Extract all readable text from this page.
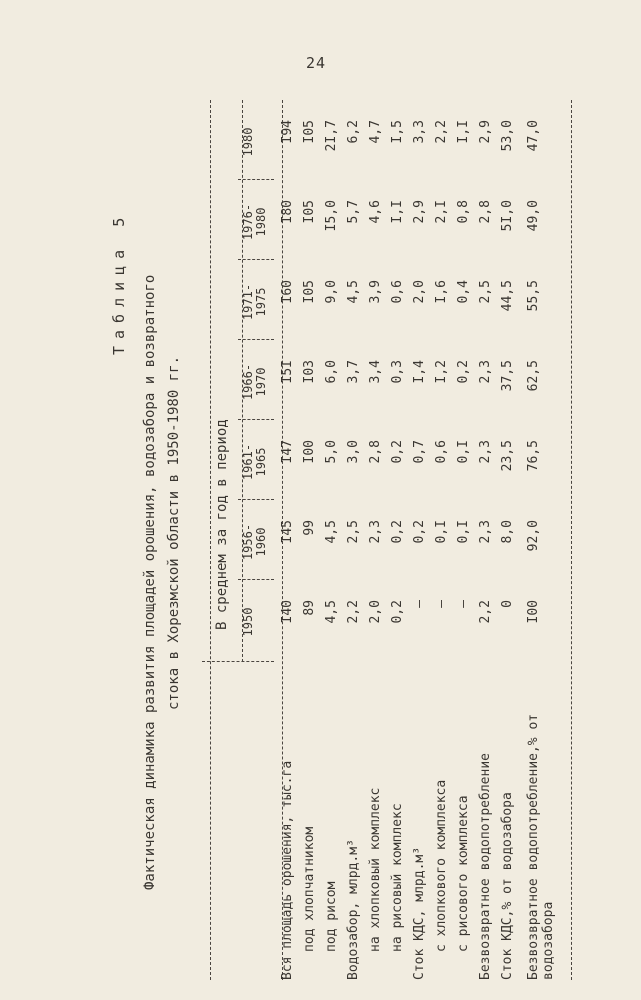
24
Таблица 5 Фактическая динамика развития площадей орошения, водозабора и возвратного стока в Хорезмской области в 1950-1980 гг. В среднем за год в период 1950
1956- 1960
1961- 1965
1966- 1970
1971- 1975
1976- 1980
1980
Вся площадь орошения, тыс.га
I40
I45
I47
I5I
I60
I80
I94
под хлопчатником
89
99
I00
I03
I05
I05
I05
под рисом
4,5
4,5
5,0
6,0
9,0
I5,0
2I,7
Водозабор, млрд.м³
2,2
2,5
3,0
3,7
4,5
5,7
6,2
на хлопковый комплекс
2,0
2,3
2,8
3,4
3,9
4,6
4,7
на рисовый комплекс
0,2
0,2
0,2
0,3
0,6
I,I
I,5
Сток КДС, млрд.м³
–
0,2
0,7
I,4
2,0
2,9
3,3
с хлопкового комплекса
–
0,I
0,6
I,2
I,6
2,I
2,2
с рисового комплекса
–
0,I
0,I
0,2
0,4
0,8
I,I
Безвозвратное водопотребление
2,2
2,3
2,3
2,3
2,5
2,8
2,9
Сток КДС,% от водозабора
0
8,0
23,5
37,5
44,5
5I,0
53,0
Безвозвратное водопотребление,% от водозабора
I00
92,0
76,5
62,5
55,5
49,0
47,0
